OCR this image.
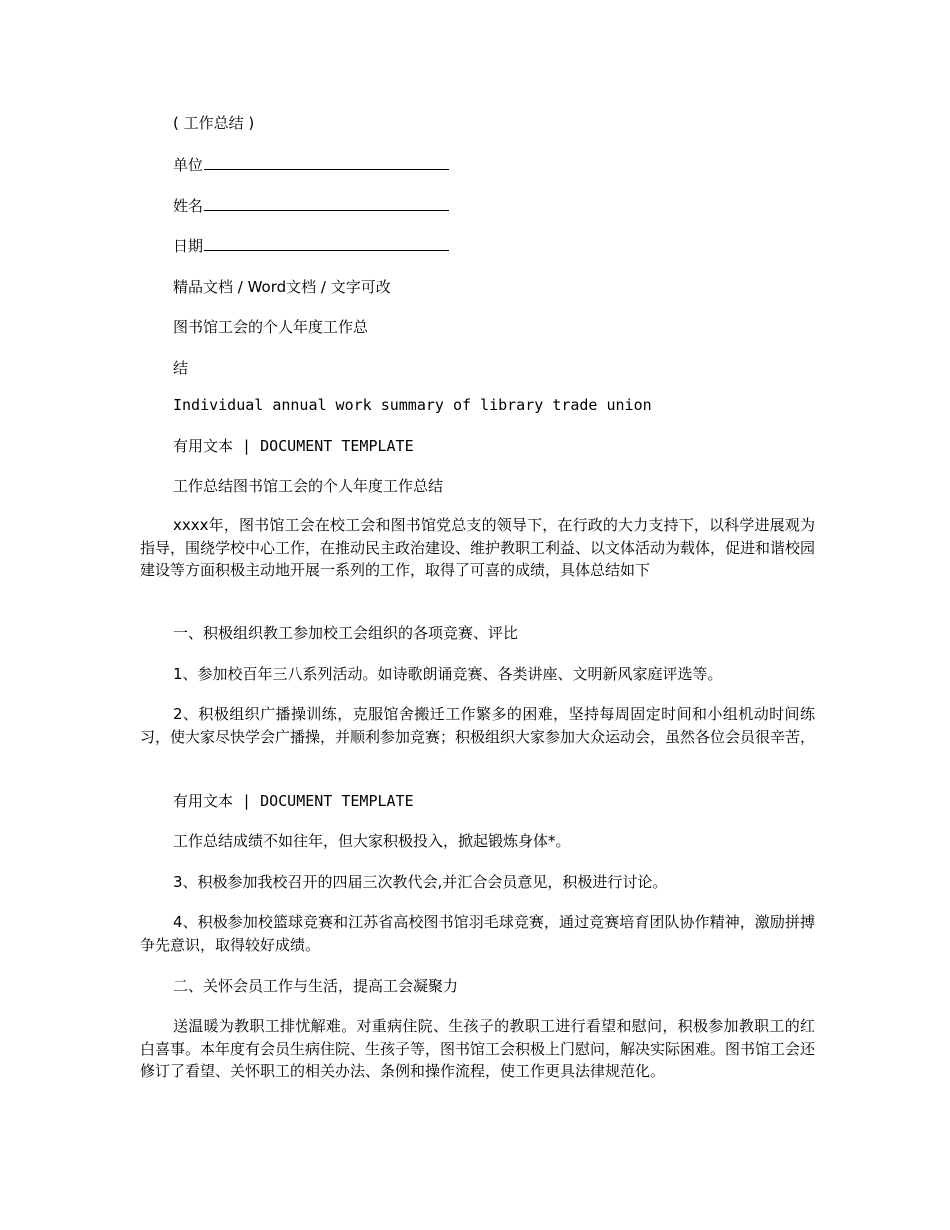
( 工作总结 )
单位
姓名
日期
精品文档 / Word文档 / 文字可改
图书馆工会的个人年度工作总
结
Individual annual work summary of library trade union
有用文本 | DOCUMENT TEMPLATE
工作总结图书馆工会的个人年度工作总结
xxxx年，图书馆工会在校工会和图书馆党总支的领导下，在行政的大力支持下，以科学进展观为指导，围绕学校中心工作，在推动民主政治建设、维护教职工利益、以文体活动为载体，促进和谐校园建设等方面积极主动地开展一系列的工作，取得了可喜的成绩，具体总结如下
一、积极组织教工参加校工会组织的各项竞赛、评比
1、参加校百年三八系列活动。如诗歌朗诵竞赛、各类讲座、文明新风家庭评选等。
2、积极组织广播操训练，克服馆舍搬迁工作繁多的困难，坚持每周固定时间和小组机动时间练习，使大家尽快学会广播操，并顺利参加竞赛；积极组织大家参加大众运动会，虽然各位会员很辛苦，
有用文本 | DOCUMENT TEMPLATE
工作总结成绩不如往年，但大家积极投入，掀起锻炼身体*。
3、积极参加我校召开的四届三次教代会,并汇合会员意见，积极进行讨论。
4、积极参加校篮球竞赛和江苏省高校图书馆羽毛球竞赛，通过竞赛培育团队协作精神，激励拼搏争先意识，取得较好成绩。
二、关怀会员工作与生活，提高工会凝聚力
送温暖为教职工排忧解难。对重病住院、生孩子的教职工进行看望和慰问，积极参加教职工的红白喜事。本年度有会员生病住院、生孩子等，图书馆工会积极上门慰问，解决实际困难。图书馆工会还修订了看望、关怀职工的相关办法、条例和操作流程，使工作更具法律规范化。
